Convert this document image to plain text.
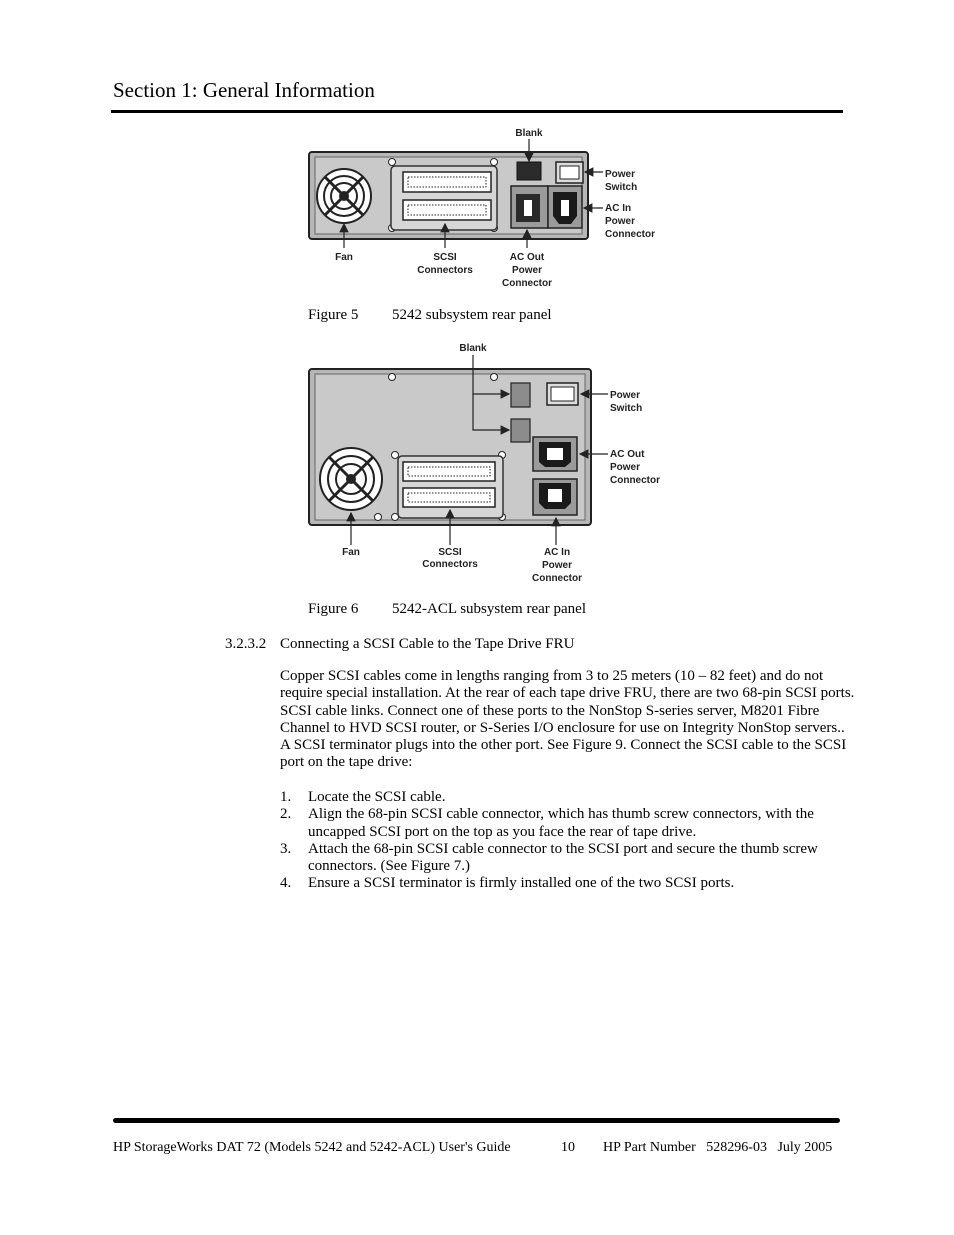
Section 1: General Information
Blank
Power
Switch
AC In
Power
Connector
Fan	SCSI
Connectors
AC Out
Power
Connector
Figure 5 5242 subsystem rear panel
Blank
Power
Switch
AC Out
Power
Connector
Fan	SCSI
Connectors
AC In
Power
Connector
Figure 6 5242-ACL subsystem rear panel
3.2.3.2 Connecting a SCSI Cable to the Tape Drive FRU

Copper SCSI cables come in lengths ranging from 3 to 25 meters (10 – 82 feet) and do not require special installation. At the rear of each tape drive FRU, there are two 68-pin SCSI ports. SCSI cable links. Connect one of these ports to the NonStop S-series server, M8201 Fibre Channel to HVD SCSI router, or S-Series I/O enclosure for use on Integrity NonStop servers.. A SCSI terminator plugs into the other port. See Figure 9. Connect the SCSI cable to the SCSI port on the tape drive:

1. Locate the SCSI cable.
2. Align the 68-pin SCSI cable connector, which has thumb screw connectors, with the uncapped SCSI port on the top as you face the rear of tape drive.
3. Attach the 68-pin SCSI cable connector to the SCSI port and secure the thumb screw connectors. (See Figure 7.)
4. Ensure a SCSI terminator is firmly installed one of the two SCSI ports.
HP StorageWorks DAT 72 (Models 5242 and 5242-ACL) User's Guide	10 HP Part Number   528296-03   July 2005
